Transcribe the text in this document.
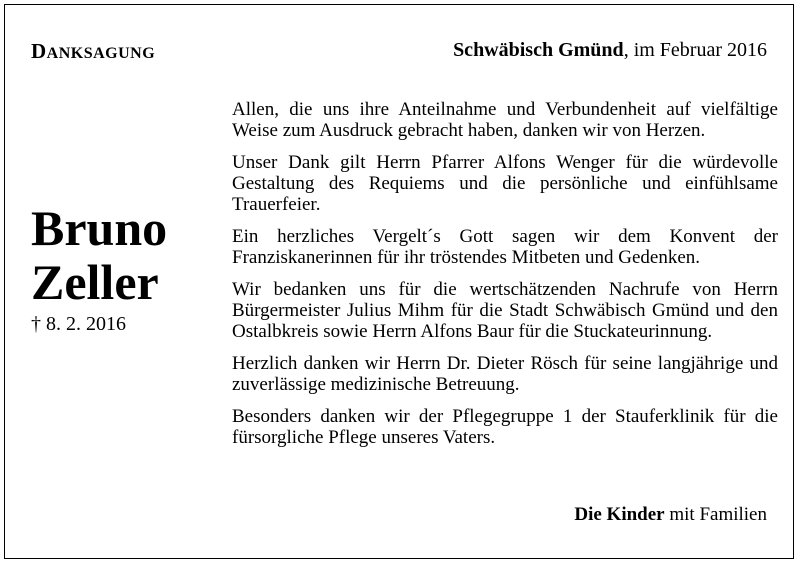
DANKSAGUNG	Schwäbisch Gmünd, im Februar 2016
Bruno
Zeller
† 8. 2. 2016

Allen, die uns ihre Anteilnahme und Verbundenheit auf vielfältige Weise zum Ausdruck gebracht haben, danken wir von Herzen.

Unser Dank gilt Herrn Pfarrer Alfons Wenger für die würdevolle Gestaltung des Requiems und die persönliche und einfühlsame Trauerfeier.

Ein herzliches Vergelt´s Gott sagen wir dem Konvent der Franziskanerinnen für ihr tröstendes Mitbeten und Gedenken.

Wir bedanken uns für die wertschätzenden Nachrufe von Herrn Bürgermeister Julius Mihm für die Stadt Schwäbisch Gmünd und den Ostalbkreis sowie Herrn Alfons Baur für die Stuckateurinnung.

Herzlich danken wir Herrn Dr. Dieter Rösch für seine langjährige und zuverlässige medizinische Betreuung.

Besonders danken wir der Pflegegruppe 1 der Stauferklinik für die fürsorgliche Pflege unseres Vaters.

Die Kinder mit Familien
